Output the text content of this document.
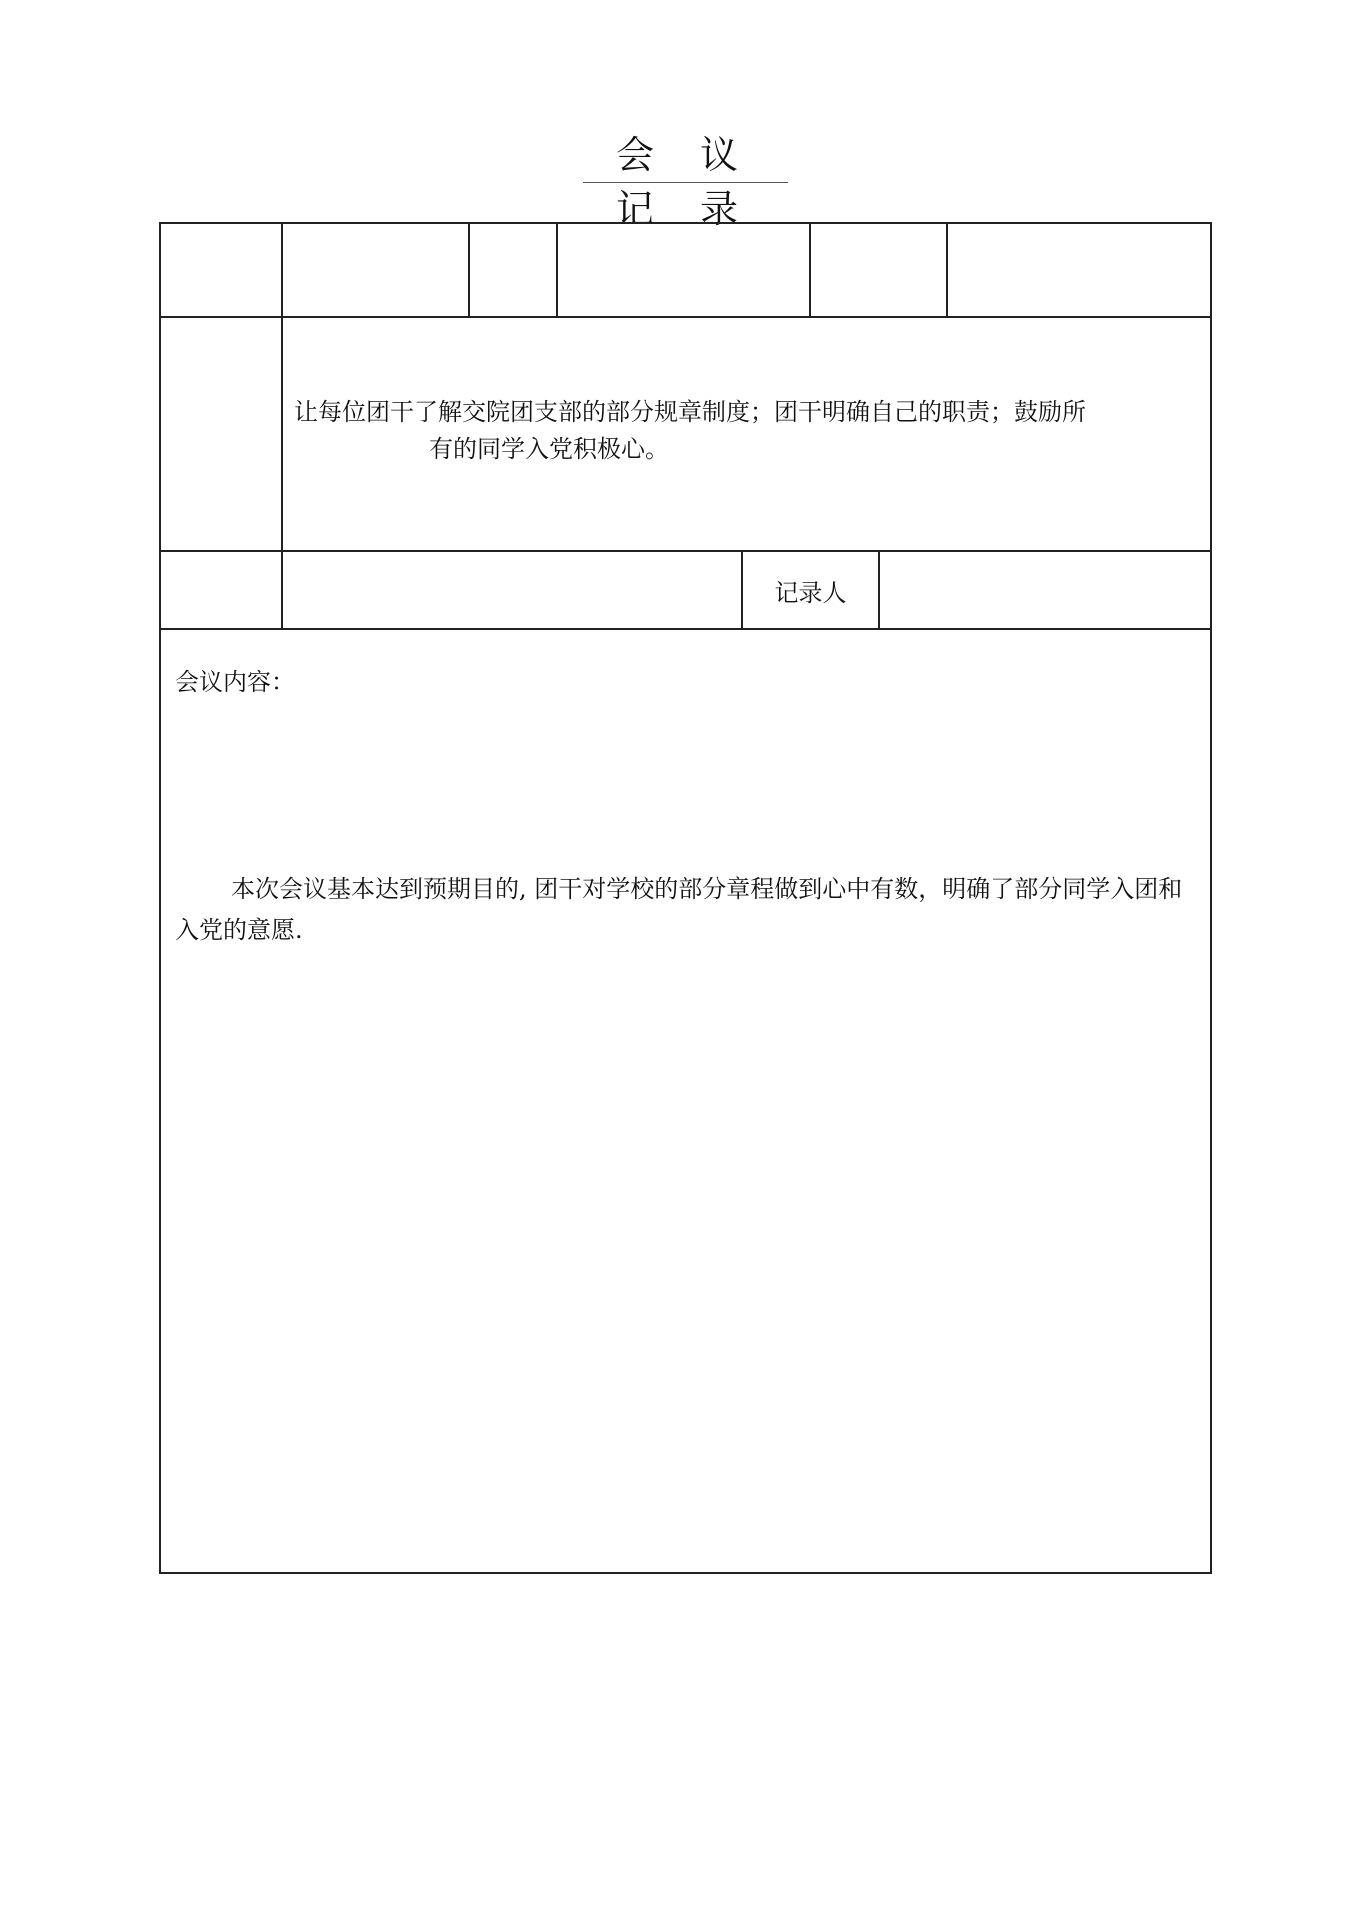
会 议 记 录
让每位团干了解交院团支部的部分规章制度；团干明确自己的职责；鼓励所
有的同学入党积极心。
记录人
会议内容：
本次会议基本达到预期目的, 团干对学校的部分章程做到心中有数，明确了部分同学入团和入党的意愿.
